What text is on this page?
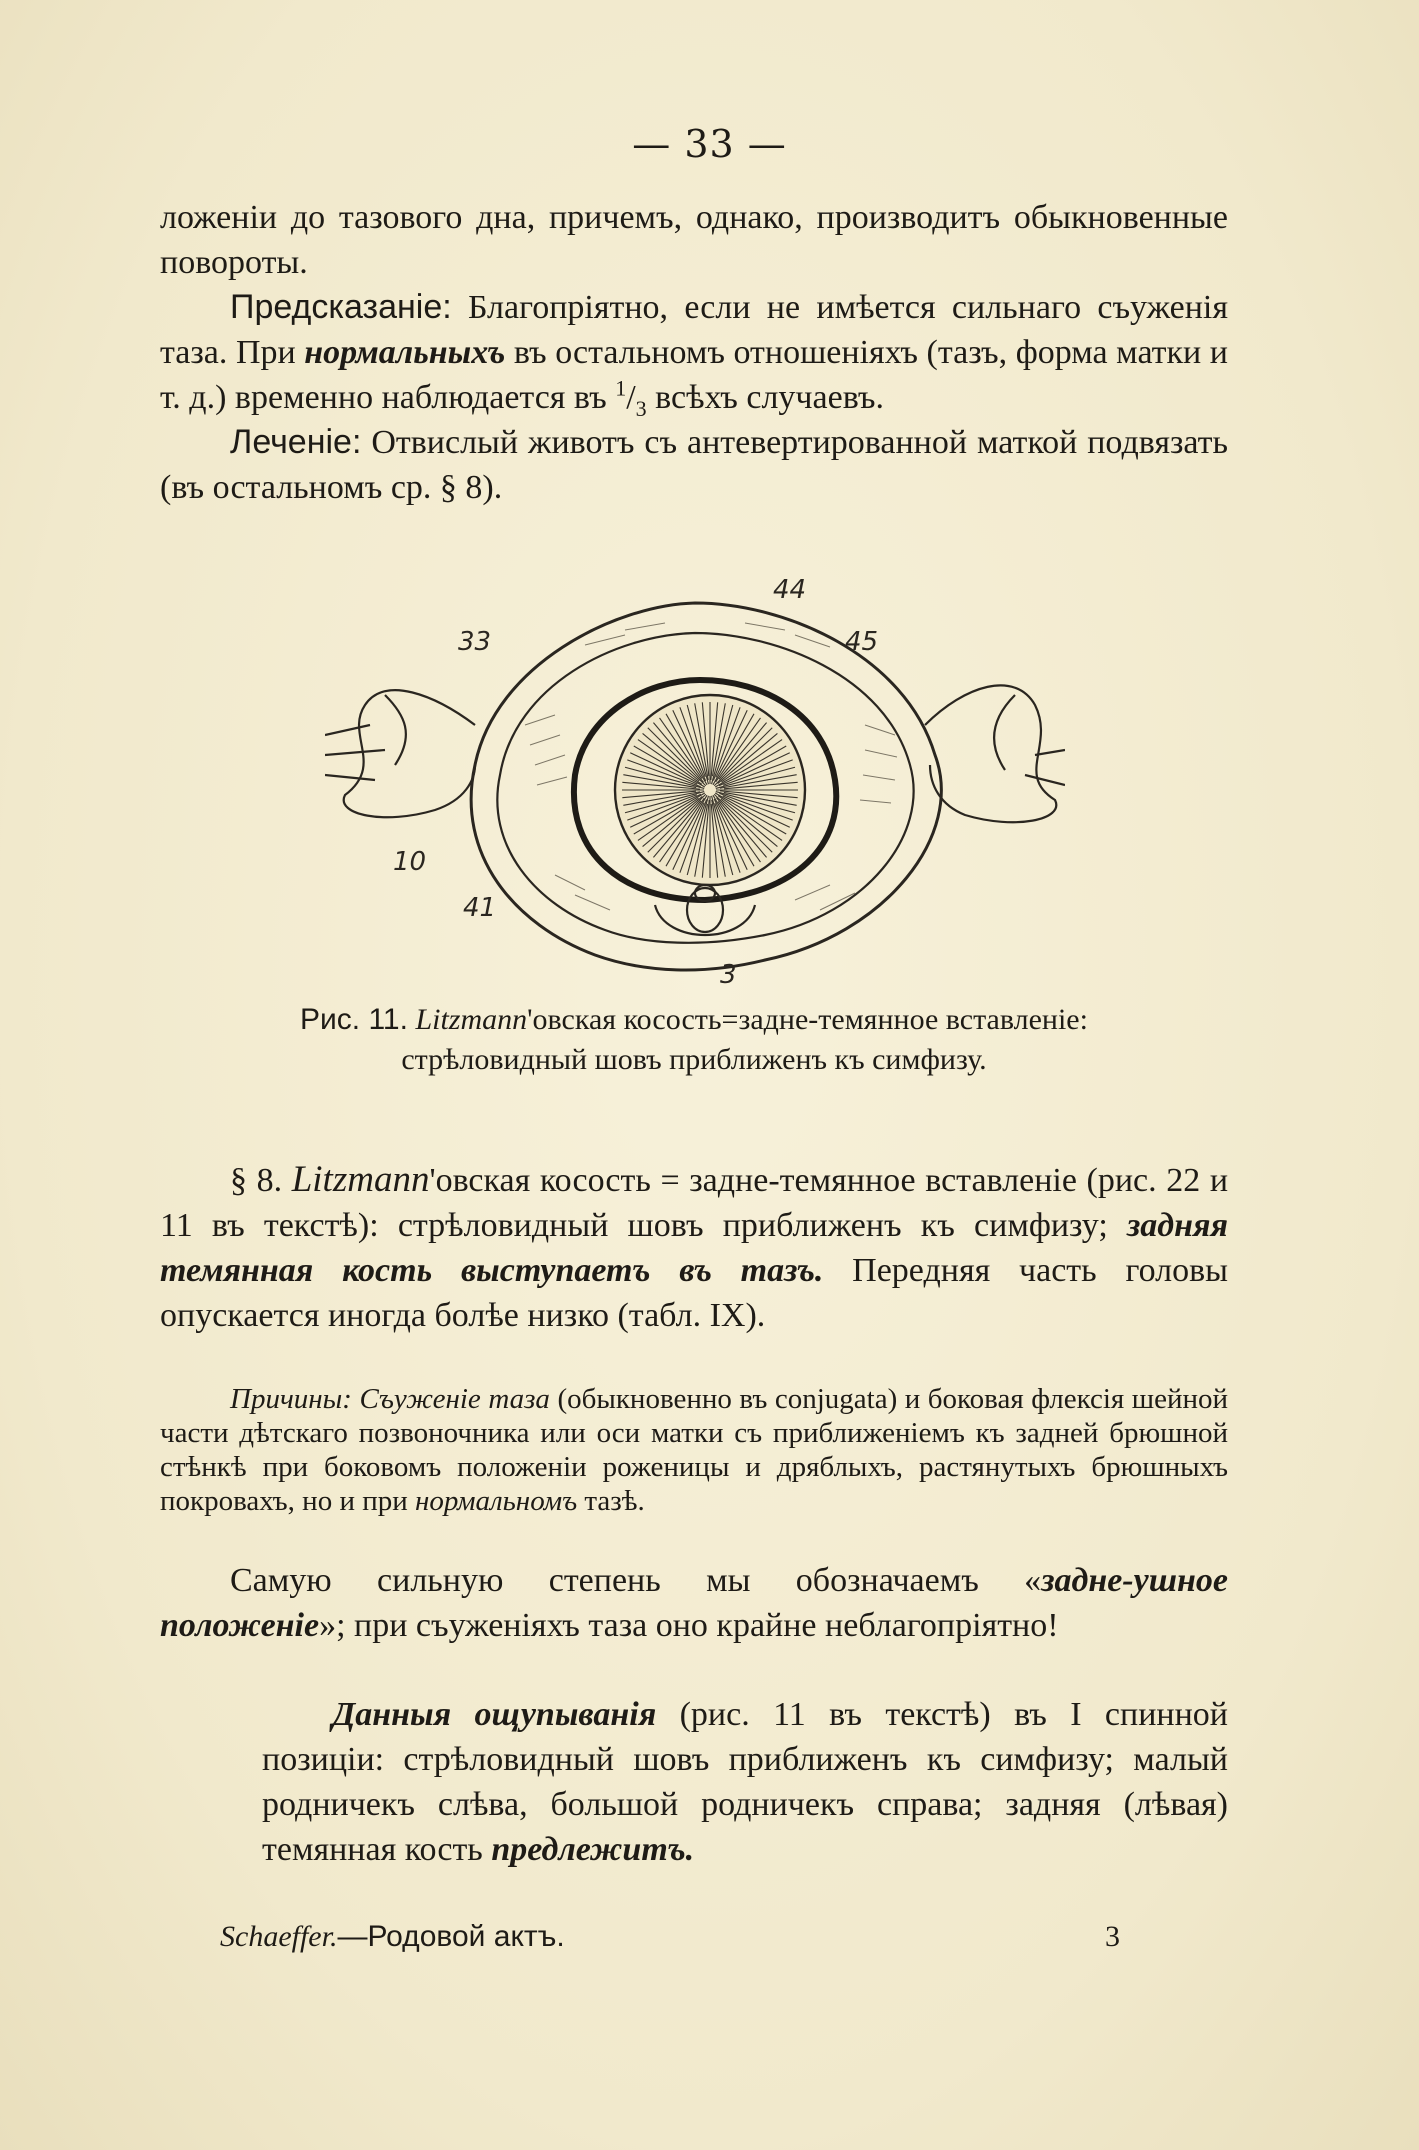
— 33 —

ложеніи до тазового дна, причемъ, однако, производитъ обыкновенные повороты.

Предсказаніе: Благопріятно, если не имѣется сильнаго съуженія таза. При нормальныхъ въ остальномъ отношеніяхъ (тазъ, форма матки и т. д.) временно наблюдается въ $^1/_3$ всѣхъ случаевъ.

Леченіе: Отвислый животъ съ антевертированной маткой подвязать (въ остальномъ ср. § 8).

33
44
45
10
41
3
Рис. 11. Litzmann'овская косость=задне-темянное вставленіе:
стрѣловидный шовъ приближенъ къ симфизу.

§ 8. Litzmann'овская косость = задне-темянное вставленіе (рис. 22 и 11 въ текстѣ): стрѣловидный шовъ приближенъ къ симфизу; задняя темянная кость выступаетъ въ тазъ. Передняя часть головы опускается иногда болѣе низко (табл. IX).

Причины: Съуженіе таза (обыкновенно въ conjugata) и боковая флексія шейной части дѣтскаго позвоночника или оси матки съ приближеніемъ къ задней брюшной стѣнкѣ при боковомъ положеніи роженицы и дряблыхъ, растянутыхъ брюшныхъ покровахъ, но и при нормальномъ тазѣ.

Самую сильную степень мы обозначаемъ «задне-ушное положеніе»; при съуженіяхъ таза оно крайне неблагопріятно!

Данныя ощупыванія (рис. 11 въ текстѣ) въ I спинной позиціи: стрѣловидный шовъ приближенъ къ симфизу; малый родничекъ слѣва, большой родничекъ справа; задняя (лѣвая) темянная кость предлежитъ.

Schaeffer.—Родовой актъ.	3
